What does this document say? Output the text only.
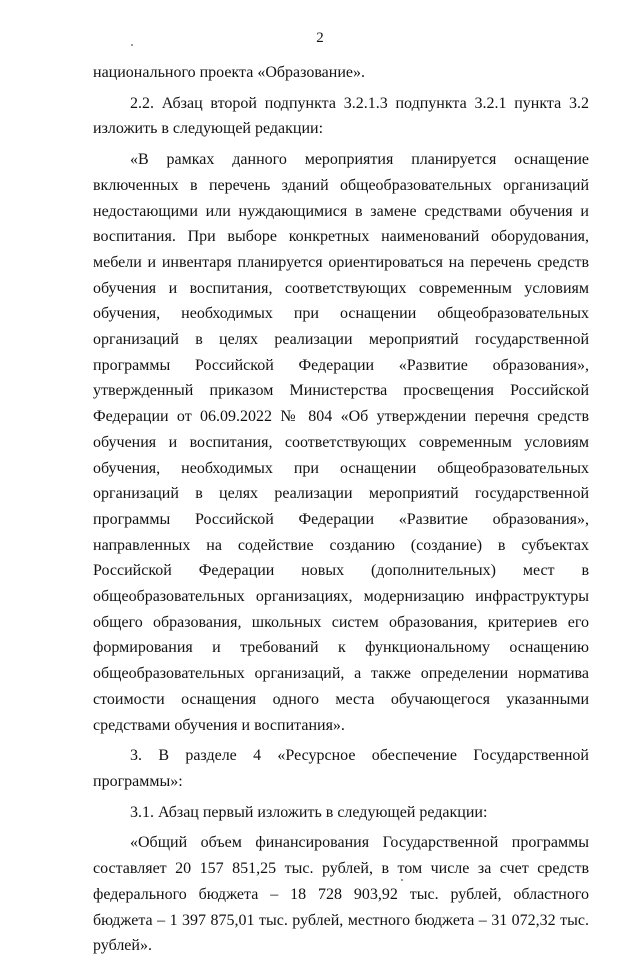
2

национального проекта «Образование».

2.2. Абзац второй подпункта 3.2.1.3 подпункта 3.2.1 пункта 3.2 изложить в следующей редакции:

«В рамках данного мероприятия планируется оснащение включенных в перечень зданий общеобразовательных организаций недостающими или нуждающимися в замене средствами обучения и воспитания. При выборе конкретных наименований оборудования, мебели и инвентаря планируется ориентироваться на перечень средств обучения и воспитания, соответствующих современным условиям обучения, необходимых при оснащении общеобразовательных организаций в целях реализации мероприятий государственной программы Российской Федерации «Развитие образования», утвержденный приказом Министерства просвещения Российской Федерации от 06.09.2022 № 804 «Об утверждении перечня средств обучения и воспитания, соответствующих современным условиям обучения, необходимых при оснащении общеобразовательных организаций в целях реализации мероприятий государственной программы Российской Федерации «Развитие образования», направленных на содействие созданию (создание) в субъектах Российской Федерации новых (дополнительных) мест в общеобразовательных организациях, модернизацию инфраструктуры общего образования, школьных систем образования, критериев его формирования и требований к функциональному оснащению общеобразовательных организаций, а также определении норматива стоимости оснащения одного места обучающегося указанными средствами обучения и воспитания».

3. В разделе 4 «Ресурсное обеспечение Государственной программы»:

3.1. Абзац первый изложить в следующей редакции:

«Общий объем финансирования Государственной программы составляет 20 157 851,25 тыс. рублей, в том числе за счет средств федерального бюджета – 18 728 903,92 тыс. рублей, областного бюджета – 1 397 875,01 тыс. рублей, местного бюджета – 31 072,32 тыс. рублей».
